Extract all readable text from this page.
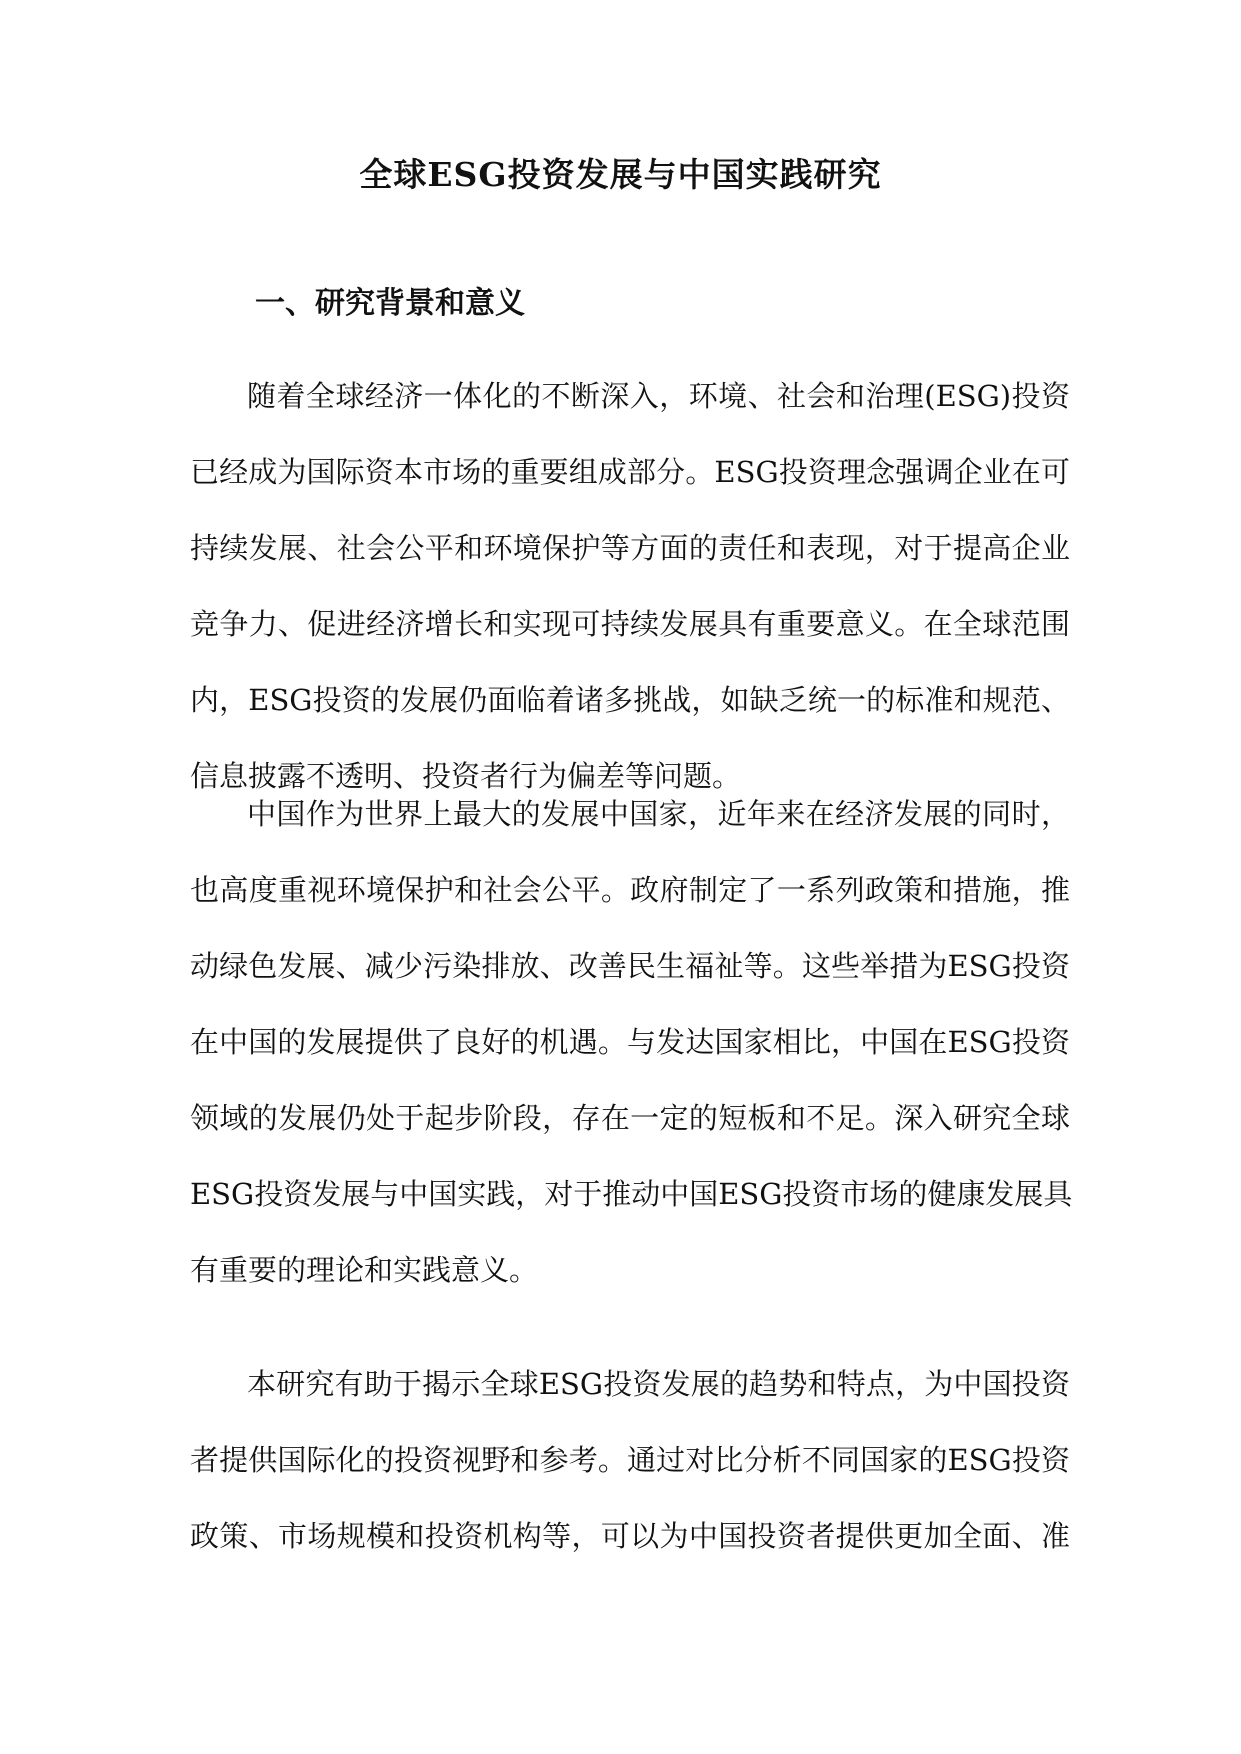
全球ESG投资发展与中国实践研究
一、研究背景和意义

随着全球经济一体化的不断深入，环境、社会和治理(ESG)投资
已经成为国际资本市场的重要组成部分。ESG投资理念强调企业在可
持续发展、社会公平和环境保护等方面的责任和表现，对于提高企业
竞争力、促进经济增长和实现可持续发展具有重要意义。在全球范围
内，ESG投资的发展仍面临着诸多挑战，如缺乏统一的标准和规范、
信息披露不透明、投资者行为偏差等问题。

中国作为世界上最大的发展中国家，近年来在经济发展的同时，
也高度重视环境保护和社会公平。政府制定了一系列政策和措施，推
动绿色发展、减少污染排放、改善民生福祉等。这些举措为ESG投资
在中国的发展提供了良好的机遇。与发达国家相比，中国在ESG投资
领域的发展仍处于起步阶段，存在一定的短板和不足。深入研究全球
ESG投资发展与中国实践，对于推动中国ESG投资市场的健康发展具
有重要的理论和实践意义。

本研究有助于揭示全球ESG投资发展的趋势和特点，为中国投资
者提供国际化的投资视野和参考。通过对比分析不同国家的ESG投资
政策、市场规模和投资机构等，可以为中国投资者提供更加全面、准
